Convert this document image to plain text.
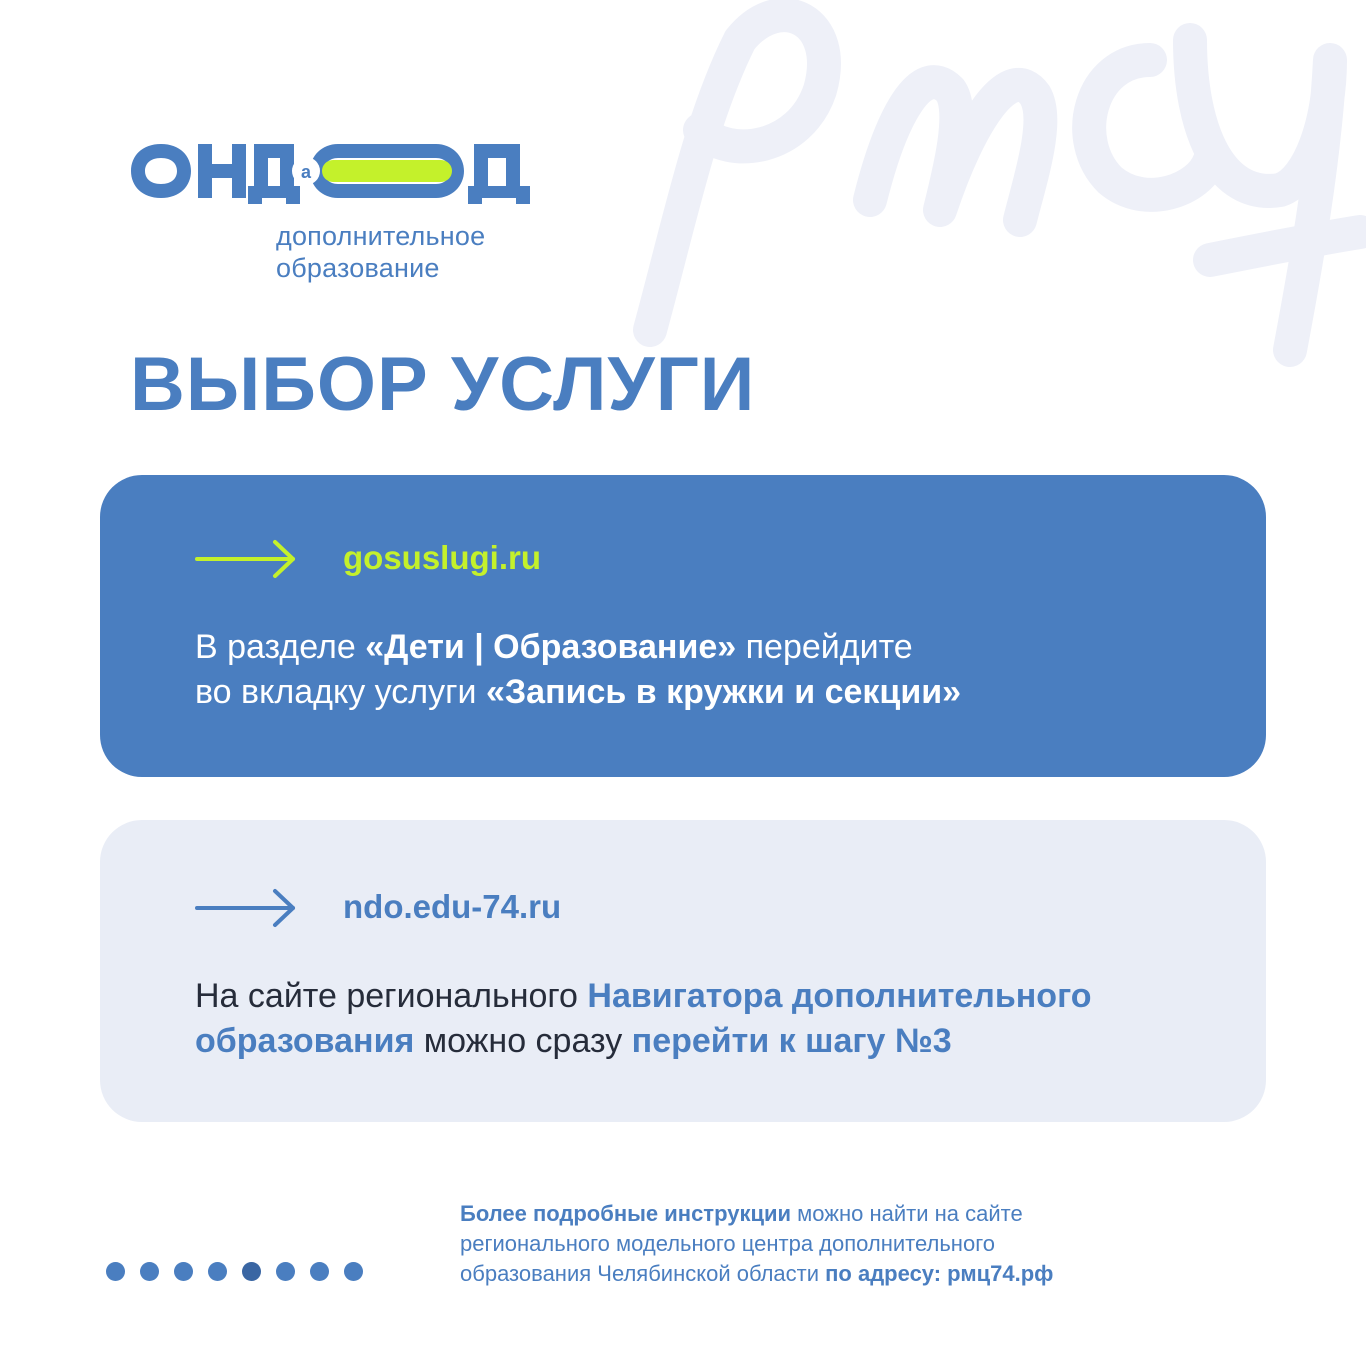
a
дополнительное
образование
ВЫБОР УСЛУГИ
gosuslugi.ru
В разделе «Дети | Образование» перейдите
во вкладку услуги «Запись в кружки и секции»
ndo.edu-74.ru
На сайте регионального Навигатора дополнительного
образования можно сразу перейти к шагу №3
Более подробные инструкции можно найти на сайте
регионального модельного центра дополнительного
образования Челябинской области по адресу: рмц74.рф
